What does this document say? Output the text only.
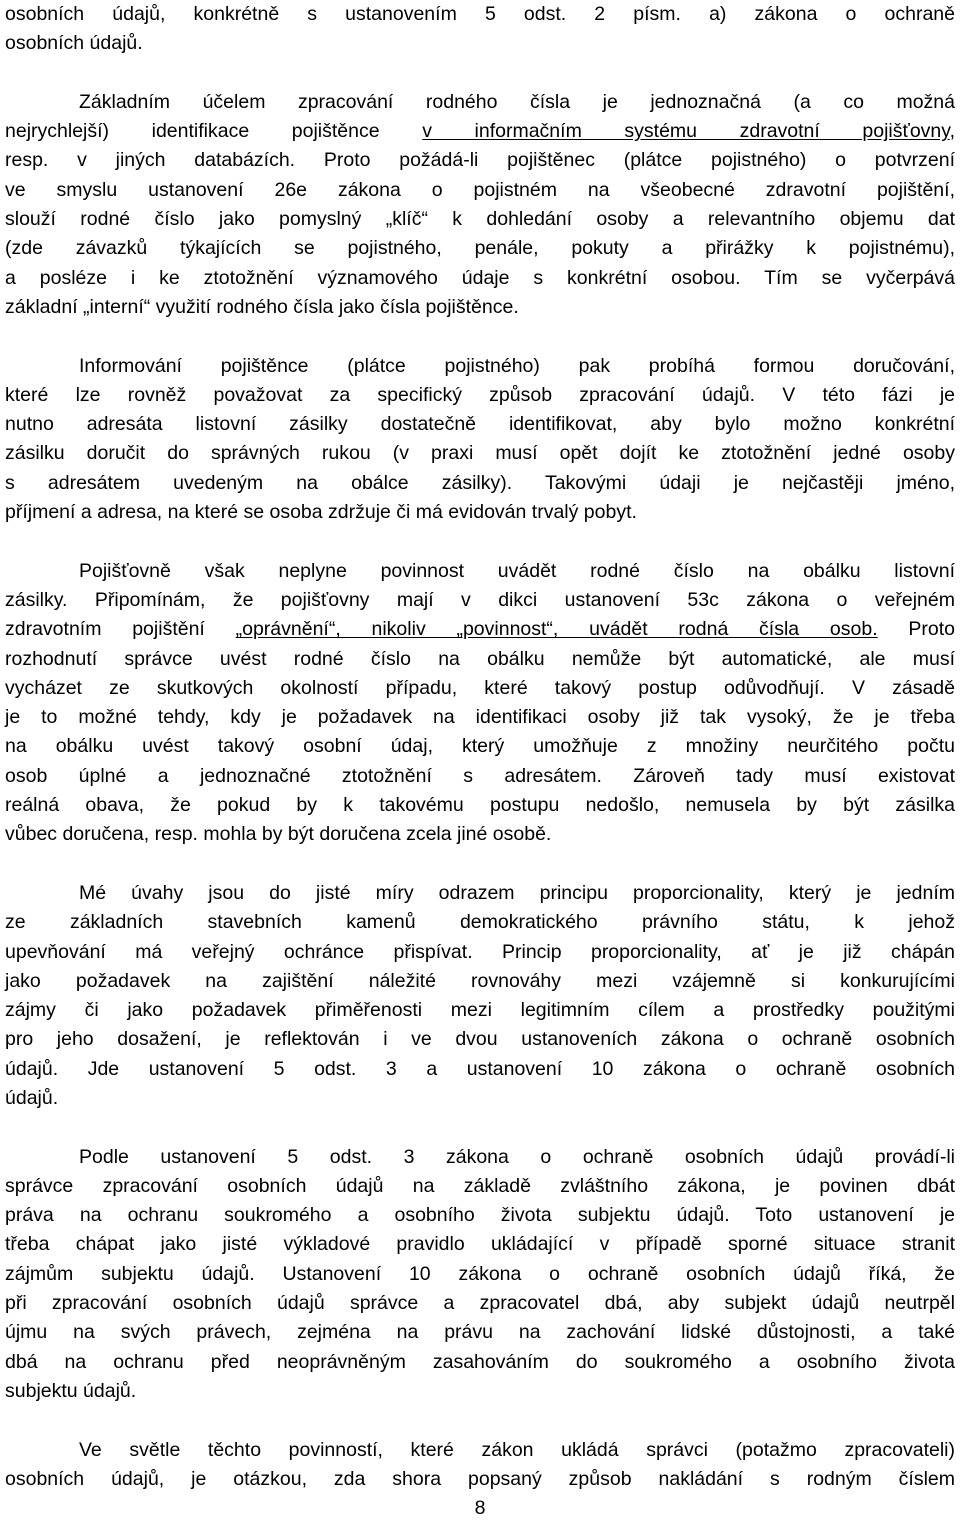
osobních údajů, konkrétně s ustanovením 5 odst. 2 písm. a) zákona o ochraně
osobních údajů.
Základním účelem zpracování rodného čísla je jednoznačná (a co možná
nejrychlejší) identifikace pojištěnce v informačním systému zdravotní pojišťovny,
resp. v jiných databázích. Proto požádá-li pojištěnec (plátce pojistného) o potvrzení
ve smyslu ustanovení 26e zákona o pojistném na všeobecné zdravotní pojištění,
slouží rodné číslo jako pomyslný „klíč“ k dohledání osoby a relevantního objemu dat
(zde závazků týkajících se pojistného, penále, pokuty a přirážky k pojistnému),
a posléze i ke ztotožnění významového údaje s konkrétní osobou. Tím se vyčerpává
základní „interní“ využití rodného čísla jako čísla pojištěnce.
Informování pojištěnce (plátce pojistného) pak probíhá formou doručování,
které lze rovněž považovat za specifický způsob zpracování údajů. V této fázi je
nutno adresáta listovní zásilky dostatečně identifikovat, aby bylo možno konkrétní
zásilku doručit do správných rukou (v praxi musí opět dojít ke ztotožnění jedné osoby
s adresátem uvedeným na obálce zásilky). Takovými údaji je nejčastěji jméno,
příjmení a adresa, na které se osoba zdržuje či má evidován trvalý pobyt.
Pojišťovně však neplyne povinnost uvádět rodné číslo na obálku listovní
zásilky. Připomínám, že pojišťovny mají v dikci ustanovení 53c zákona o veřejném
zdravotním pojištění „oprávnění“, nikoliv „povinnost“, uvádět rodná čísla osob. Proto
rozhodnutí správce uvést rodné číslo na obálku nemůže být automatické, ale musí
vycházet ze skutkových okolností případu, které takový postup odůvodňují. V zásadě
je to možné tehdy, kdy je požadavek na identifikaci osoby již tak vysoký, že je třeba
na obálku uvést takový osobní údaj, který umožňuje z množiny neurčitého počtu
osob úplné a jednoznačné ztotožnění s adresátem. Zároveň tady musí existovat
reálná obava, že pokud by k takovému postupu nedošlo, nemusela by být zásilka
vůbec doručena, resp. mohla by být doručena zcela jiné osobě.
Mé úvahy jsou do jisté míry odrazem principu proporcionality, který je jedním
ze základních stavebních kamenů demokratického právního státu, k jehož
upevňování má veřejný ochránce přispívat. Princip proporcionality, ať je již chápán
jako požadavek na zajištění náležité rovnováhy mezi vzájemně si konkurujícími
zájmy či jako požadavek přiměřenosti mezi legitimním cílem a prostředky použitými
pro jeho dosažení, je reflektován i ve dvou ustanoveních zákona o ochraně osobních
údajů. Jde ustanovení 5 odst. 3 a ustanovení 10 zákona o ochraně osobních
údajů.
Podle ustanovení 5 odst. 3 zákona o ochraně osobních údajů provádí-li
správce zpracování osobních údajů na základě zvláštního zákona, je povinen dbát
práva na ochranu soukromého a osobního života subjektu údajů. Toto ustanovení je
třeba chápat jako jisté výkladové pravidlo ukládající v případě sporné situace stranit
zájmům subjektu údajů. Ustanovení 10 zákona o ochraně osobních údajů říká, že
při zpracování osobních údajů správce a zpracovatel dbá, aby subjekt údajů neutrpěl
újmu na svých právech, zejména na právu na zachování lidské důstojnosti, a také
dbá na ochranu před neoprávněným zasahováním do soukromého a osobního života
subjektu údajů.
Ve světle těchto povinností, které zákon ukládá správci (potažmo zpracovateli)
osobních údajů, je otázkou, zda shora popsaný způsob nakládání s rodným číslem
8
